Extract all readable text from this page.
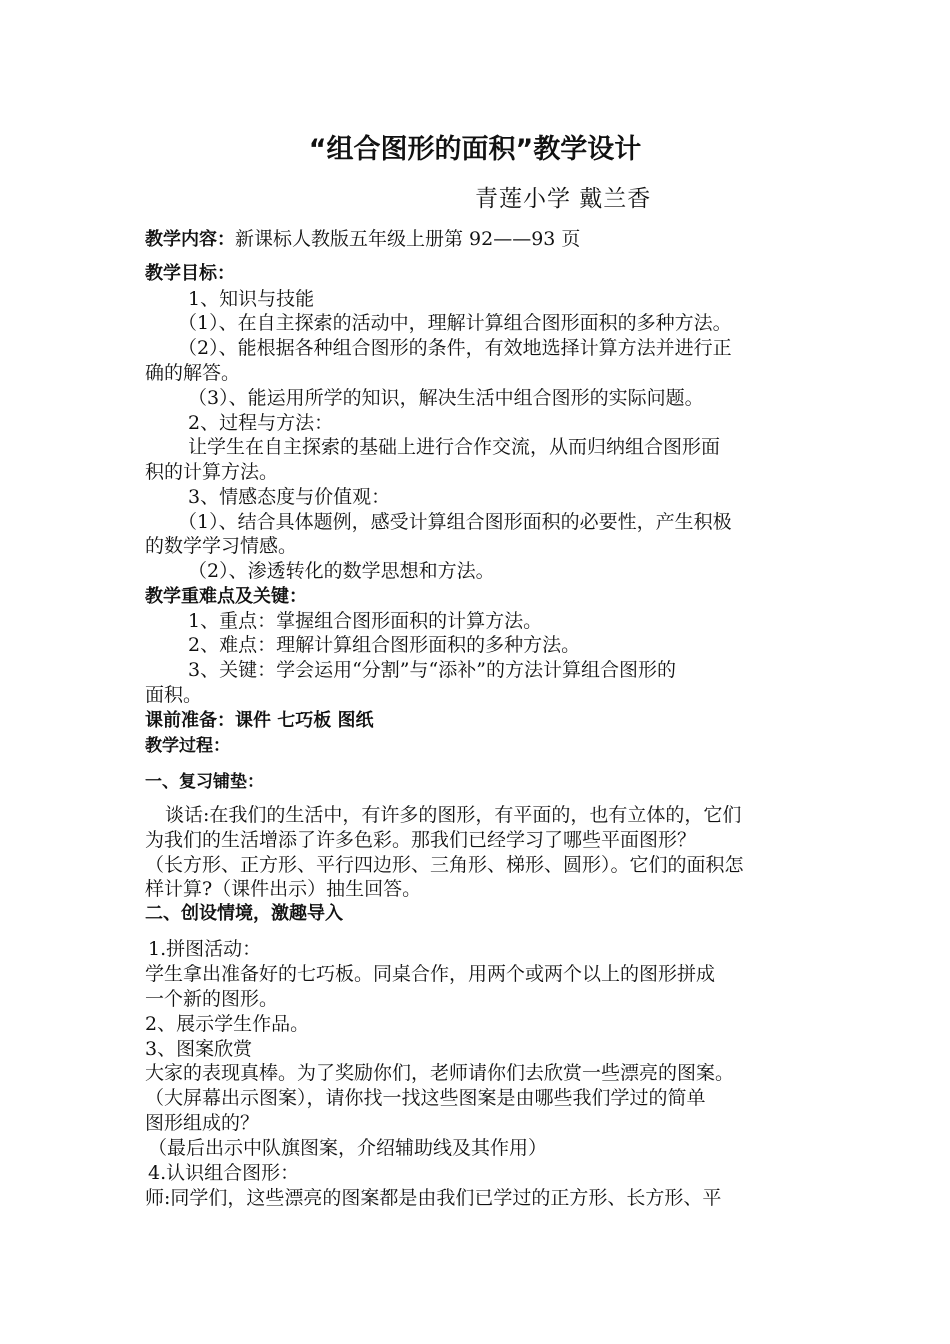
“组合图形的面积”教学设计
青莲小学 戴兰香
教学内容：新课标人教版五年级上册第 92——93 页
教学目标：
1、知识与技能
（1）、在自主探索的活动中，理解计算组合图形面积的多种方法。
（2）、能根据各种组合图形的条件，有效地选择计算方法并进行正
确的解答。
（3）、能运用所学的知识，解决生活中组合图形的实际问题。
2、过程与方法：
让学生在自主探索的基础上进行合作交流，从而归纳组合图形面
积的计算方法。
3、情感态度与价值观：
（1）、结合具体题例，感受计算组合图形面积的必要性，产生积极
的数学学习情感。
（2）、渗透转化的数学思想和方法。
教学重难点及关键：
1、重点：掌握组合图形面积的计算方法。
2、难点：理解计算组合图形面积的多种方法。
3、关键：学会运用“分割”与“添补”的方法计算组合图形的
面积。
课前准备：课件 七巧板 图纸
教学过程：
一、复习铺垫：
谈话:在我们的生活中，有许多的图形，有平面的，也有立体的，它们
为我们的生活增添了许多色彩。那我们已经学习了哪些平面图形？
（长方形、正方形、平行四边形、三角形、梯形、圆形）。它们的面积怎
样计算?（课件出示）抽生回答。
二、创设情境，激趣导入
1.拼图活动：
学生拿出准备好的七巧板。同桌合作，用两个或两个以上的图形拼成
一个新的图形。
2、展示学生作品。
3、图案欣赏
大家的表现真棒。为了奖励你们，老师请你们去欣赏一些漂亮的图案。
（大屏幕出示图案），请你找一找这些图案是由哪些我们学过的简单
图形组成的？
（最后出示中队旗图案，介绍辅助线及其作用）
4.认识组合图形：
师:同学们，这些漂亮的图案都是由我们已学过的正方形、长方形、平
